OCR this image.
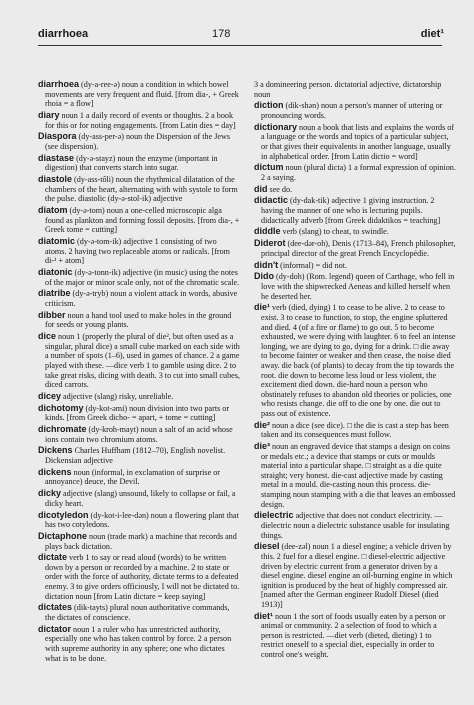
diarrhoea	178	diet¹

diarrhoea (dy-a-ree-ə) noun a condition in which bowel movements are very frequent and fluid. [from dia-, + Greek rhoia = a flow]

diary noun 1 a daily record of events or thoughts. 2 a book for this or for noting engagements. [from Latin dies = day]

Diaspora (dy-ass-per-ə) noun the Dispersion of the Jews (see dispersion).

diastase (dy-ə-stayz) noun the enzyme (important in digestion) that converts starch into sugar.

diastole (dy-ass-tôli) noun the rhythmical dilatation of the chambers of the heart, alternating with with systole to form the pulse. diastolic (dy-ə-stol-ik) adjective

diatom (dy-ə-tom) noun a one-celled microscopic alga found as plankton and forming fossil deposits. [from dia-, + Greek tome = cutting]

diatomic (dy-ə-tom-ik) adjective 1 consisting of two atoms. 2 having two replaceable atoms or radicals. [from di-¹ + atom]

diatonic (dy-ə-tonn-ik) adjective (in music) using the notes of the major or minor scale only, not of the chromatic scale.

diatribe (dy-ə-tryb) noun a violent attack in words, abusive criticism.

dibber noun a hand tool used to make holes in the ground for seeds or young plants.

dice noun 1 (properly the plural of die², but often used as a singular, plural dice) a small cube marked on each side with a number of spots (1–6), used in games of chance. 2 a game played with these. —dice verb 1 to gamble using dice. 2 to take great risks, dicing with death. 3 to cut into small cubes, diced carrots.

dicey adjective (slang) risky, unreliable.

dichotomy (dy-kot-əmi) noun division into two parts or kinds. [from Greek dicho- = apart, + tome = cutting]

dichromate (dy-kroh-mayt) noun a salt of an acid whose ions contain two chromium atoms.

Dickens Charles Huffham (1812–70), English novelist. Dickensian adjective

dickens noun (informal, in exclamation of surprise or annoyance) deuce, the Devil.

dicky adjective (slang) unsound, likely to collapse or fail, a dicky heart.

dicotyledon (dy-kot-i-lee-dən) noun a flowering plant that has two cotyledons.

Dictaphone noun (trade mark) a machine that records and plays back dictation.

dictate verb 1 to say or read aloud (words) to be written down by a person or recorded by a machine. 2 to state or order with the force of authority, dictate terms to a defeated enemy. 3 to give orders officiously, I will not be dictated to. dictation noun [from Latin dictare = keep saying]

dictates (dik-tayts) plural noun authoritative commands, the dictates of conscience.

dictator noun 1 a ruler who has unrestricted authority, especially one who has taken control by force. 2 a person with supreme authority in any sphere; one who dictates what is to be done.

3 a domineering person. dictatorial adjective, dictatorship noun

diction (dik-shən) noun a person's manner of uttering or pronouncing words.

dictionary noun a book that lists and explains the words of a language or the words and topics of a particular subject, or that gives their equivalents in another language, usually in alphabetical order. [from Latin dictio = word]

dictum noun (plural dicta) 1 a formal expression of opinion. 2 a saying.

did see do.

didactic (dy-dak-tik) adjective 1 giving instruction. 2 having the manner of one who is lecturing pupils. didactically adverb [from Greek didaktikos = teaching]

diddle verb (slang) to cheat, to swindle.

Diderot (dee-dər-oh), Denis (1713–84), French philosopher, principal director of the great French Encyclopédie.

didn't (informal) = did not.

Dido (dy-doh) (Rom. legend) queen of Carthage, who fell in love with the shipwrecked Aeneas and killed herself when he deserted her.

die¹ verb (died, dying) 1 to cease to be alive. 2 to cease to exist. 3 to cease to function, to stop, the engine spluttered and died. 4 (of a fire or flame) to go out. 5 to become exhausted, we were dying with laughter. 6 to feel an intense longing, we are dying to go, dying for a drink. □ die away to become fainter or weaker and then cease, the noise died away. die back (of plants) to decay from the tip towards the root. die down to become less loud or less violent, the excitement died down. die-hard noun a person who obstinately refuses to abandon old theories or policies, one who resists change. die off to die one by one. die out to pass out of existence.

die² noun a dice (see dice). □ the die is cast a step has been taken and its consequences must follow.

die³ noun an engraved device that stamps a design on coins or medals etc.; a device that stamps or cuts or moulds material into a particular shape. □ straight as a die quite straight; very honest. die-cast adjective made by casting metal in a mould. die-casting noun this process. die-stamping noun stamping with a die that leaves an embossed design.

dielectric adjective that does not conduct electricity. —dielectric noun a dielectric substance usable for insulating things.

diesel (dee-zəl) noun 1 a diesel engine; a vehicle driven by this. 2 fuel for a diesel engine. □ diesel-electric adjective driven by electric current from a generator driven by a diesel engine. diesel engine an oil-burning engine in which ignition is produced by the heat of highly compressed air. [named after the German engineer Rudolf Diesel (died 1913)]

diet¹ noun 1 the sort of foods usually eaten by a person or animal or community. 2 a selection of food to which a person is restricted. —diet verb (dieted, dieting) 1 to restrict oneself to a special diet, especially in order to control one's weight.
